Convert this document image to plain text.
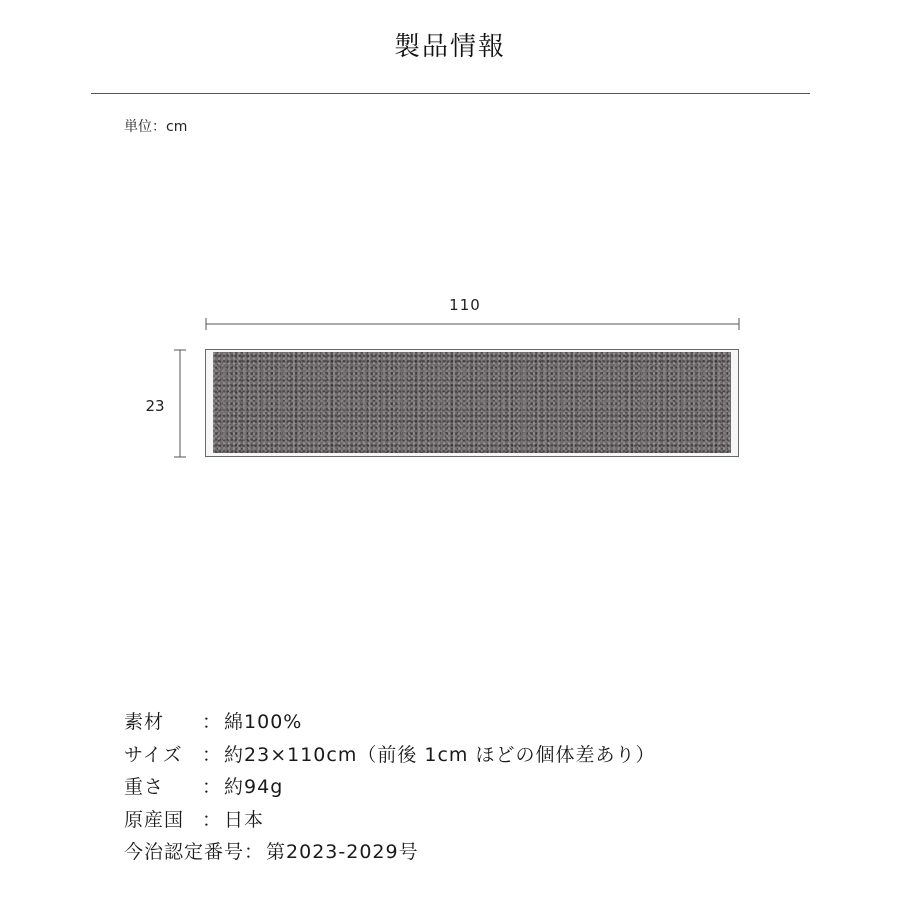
製品情報
単位：cm
110
23
素材	： 綿100%
サイズ	： 約23×110cm（前後 1cm ほどの個体差あり）
重さ	： 約94g
原産国 ： 日本
今治認定番号 ： 第2023-2029号
